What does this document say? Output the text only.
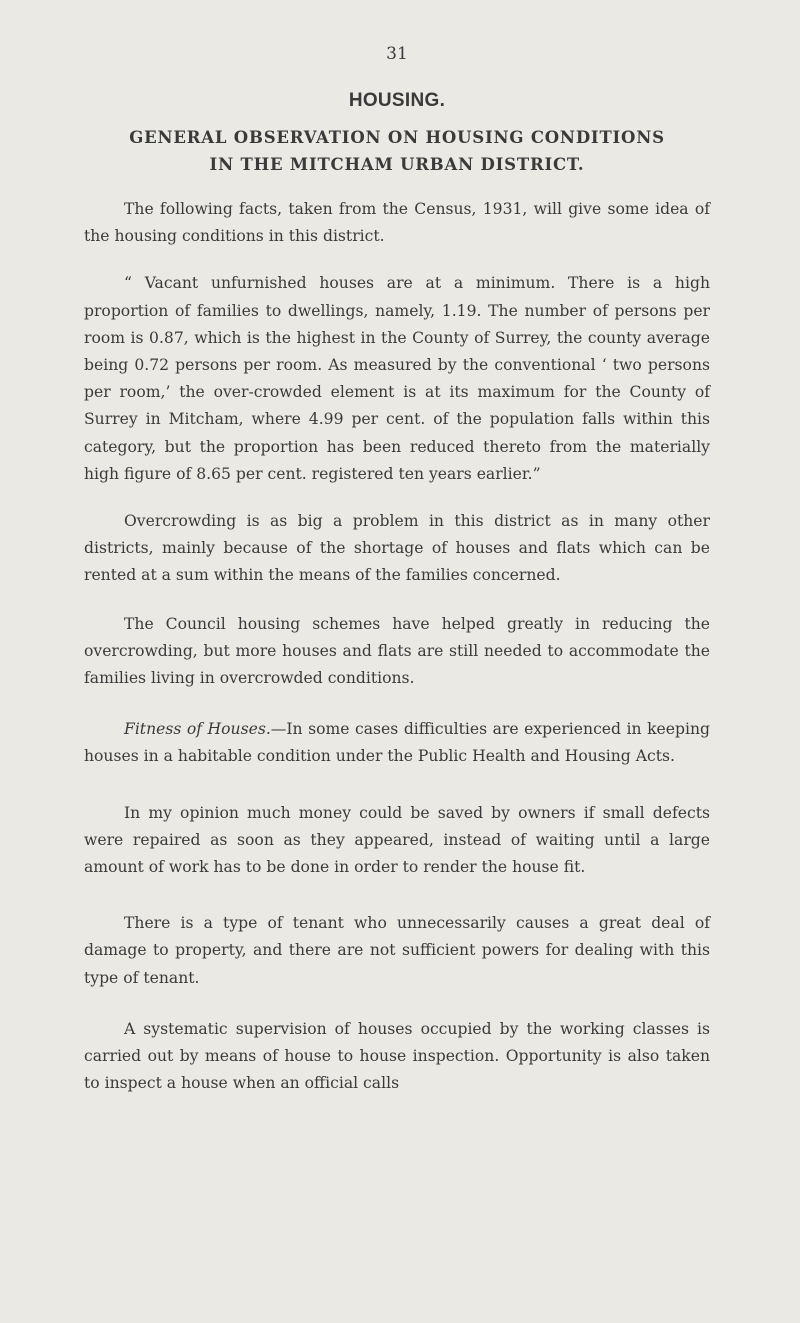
31

HOUSING.
GENERAL OBSERVATION ON HOUSING CONDITIONS
IN THE MITCHAM URBAN DISTRICT.

The following facts, taken from the Census, 1931, will give some idea of the housing conditions in this district.

“ Vacant unfurnished houses are at a minimum. There is a high proportion of families to dwellings, namely, 1.19. The number of persons per room is 0.87, which is the highest in the County of Surrey, the county average being 0.72 persons per room. As measured by the conventional ‘ two persons per room,’ the over-crowded element is at its maximum for the County of Surrey in Mitcham, where 4.99 per cent. of the population falls within this category, but the proportion has been reduced thereto from the materially high figure of 8.65 per cent. registered ten years earlier.”

Overcrowding is as big a problem in this district as in many other districts, mainly because of the shortage of houses and flats which can be rented at a sum within the means of the families concerned.

The Council housing schemes have helped greatly in reducing the overcrowding, but more houses and flats are still needed to accommodate the families living in overcrowded conditions.

Fitness of Houses.—In some cases difficulties are experienced in keeping houses in a habitable condition under the Public Health and Housing Acts.

In my opinion much money could be saved by owners if small defects were repaired as soon as they appeared, instead of waiting until a large amount of work has to be done in order to render the house fit.

There is a type of tenant who unnecessarily causes a great deal of damage to property, and there are not sufficient powers for dealing with this type of tenant.

A systematic supervision of houses occupied by the working classes is carried out by means of house to house inspection. Opportunity is also taken to inspect a house when an official calls
